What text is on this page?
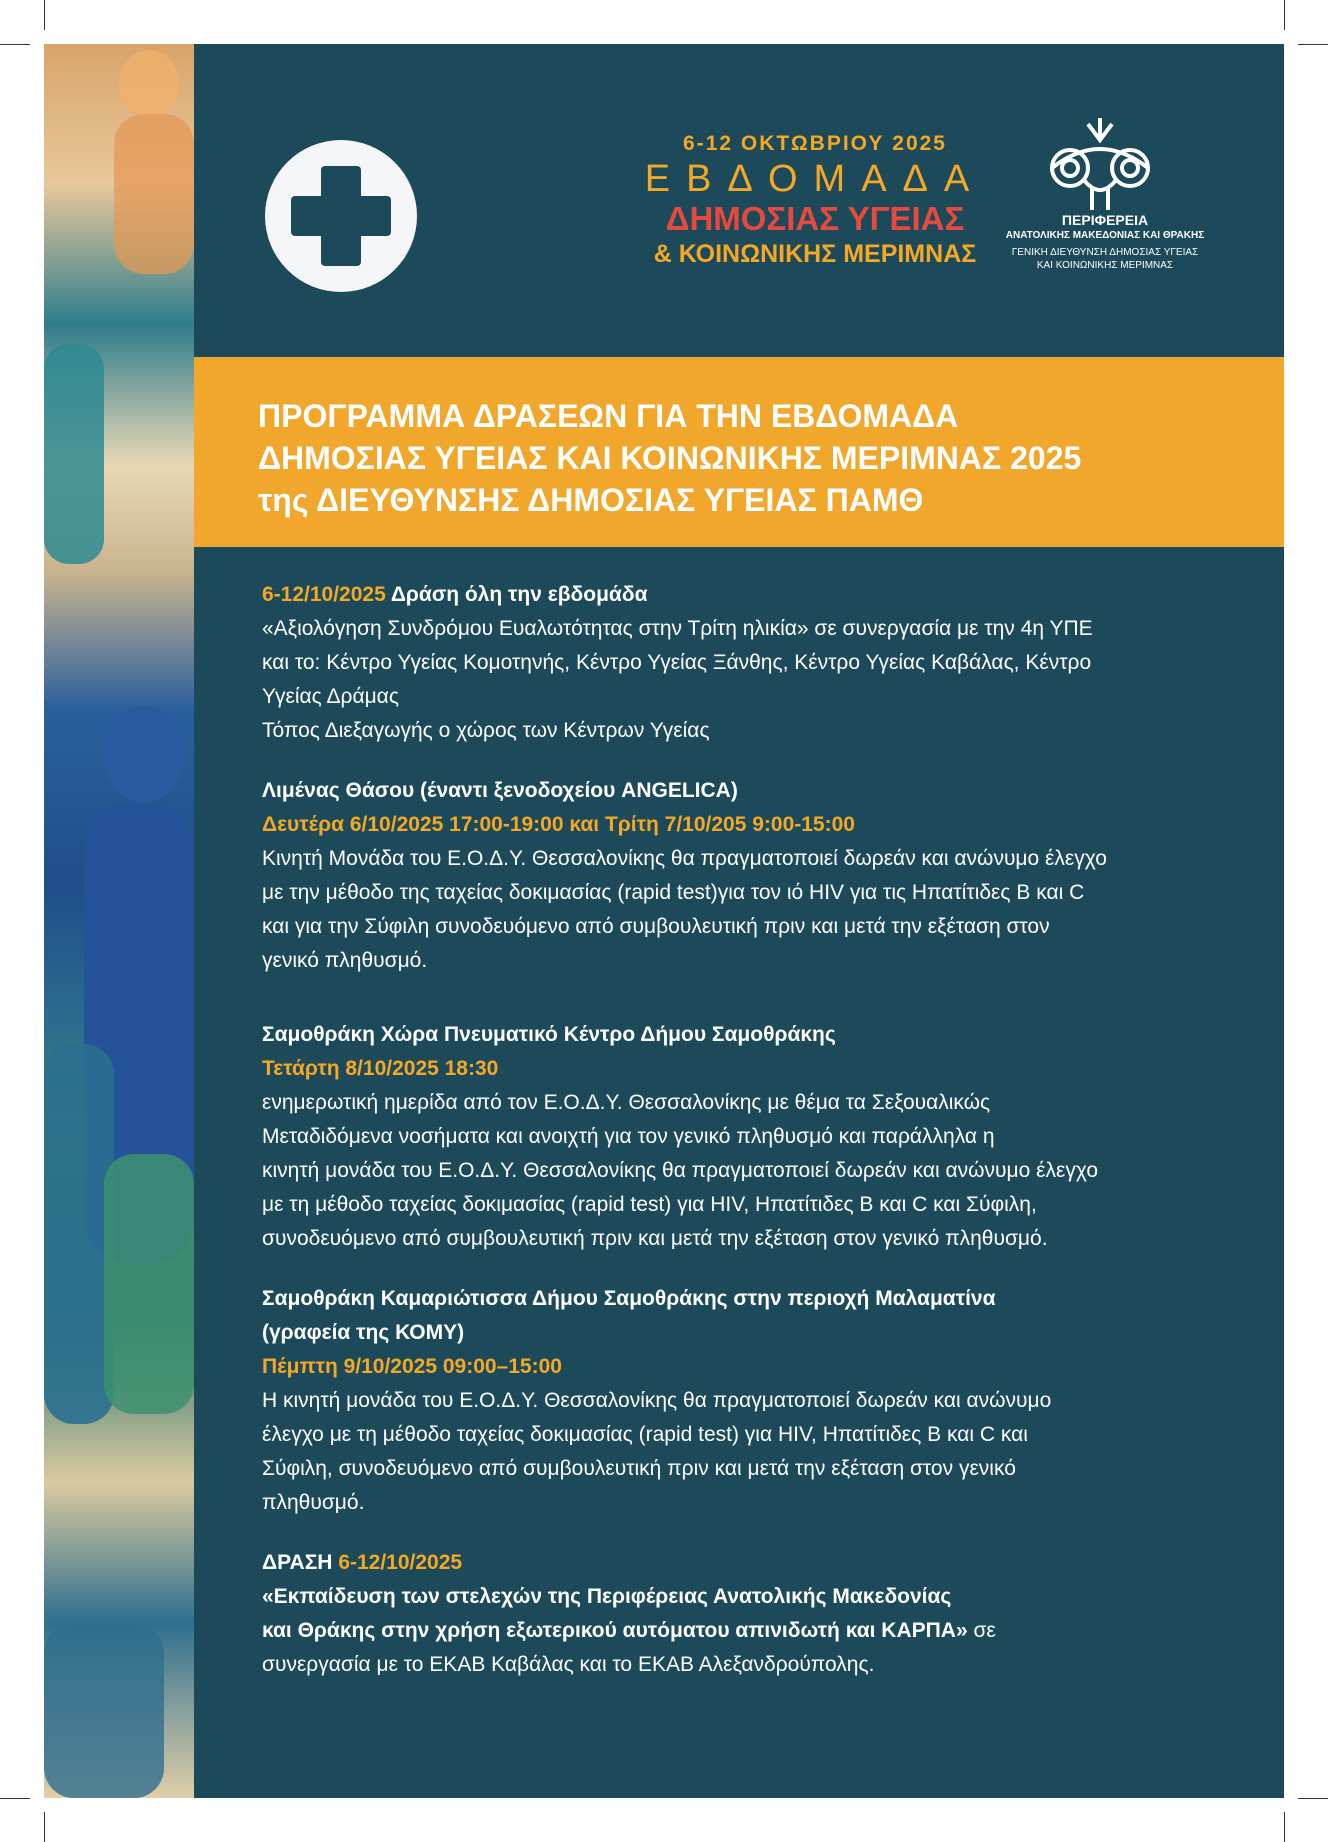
6-12 ΟΚΤΩΒΡΙΟΥ 2025
ΕΒΔΟΜΑΔΑ
ΔΗΜΟΣΙΑΣ ΥΓΕΙΑΣ
& ΚΟΙΝΩΝΙΚΗΣ ΜΕΡΙΜΝΑΣ
ΠΕΡΙΦΕΡΕΙΑ
ΑΝΑΤΟΛΙΚΗΣ ΜΑΚΕΔΟΝΙΑΣ ΚΑΙ ΘΡΑΚΗΣ
ΓΕΝΙΚΗ ΔΙΕΥΘΥΝΣΗ ΔΗΜΟΣΙΑΣ ΥΓΕΙΑΣ
ΚΑΙ ΚΟΙΝΩΝΙΚΗΣ ΜΕΡΙΜΝΑΣ
ΠΡΟΓΡΑΜΜΑ ΔΡΑΣΕΩΝ ΓΙΑ ΤΗΝ ΕΒΔΟΜΑΔΑ
ΔΗΜΟΣΙΑΣ ΥΓΕΙΑΣ ΚΑΙ ΚΟΙΝΩΝΙΚΗΣ ΜΕΡΙΜΝΑΣ 2025
της ΔΙΕΥΘΥΝΣΗΣ ΔΗΜΟΣΙΑΣ ΥΓΕΙΑΣ ΠΑΜΘ
6-12/10/2025 Δράση όλη την εβδομάδα
«Αξιολόγηση Συνδρόμου Ευαλωτότητας στην Τρίτη ηλικία» σε συνεργασία με την 4η ΥΠΕ
και το: Κέντρο Υγείας Κομοτηνής, Κέντρο Υγείας Ξάνθης, Κέντρο Υγείας Καβάλας, Κέντρο
Υγείας Δράμας
Τόπος Διεξαγωγής ο χώρος των Κέντρων Υγείας
Λιμένας Θάσου (έναντι ξενοδοχείου ANGELICA)
Δευτέρα 6/10/2025 17:00-19:00 και Τρίτη 7/10/205 9:00-15:00
Κινητή Μονάδα του Ε.Ο.Δ.Υ. Θεσσαλονίκης θα πραγματοποιεί δωρεάν και ανώνυμο έλεγχο
με την μέθοδο της ταχείας δοκιμασίας (rapid test)για τον ιό HIV για τις Ηπατίτιδες Β και C
και για την Σύφιλη συνοδευόμενο από συμβουλευτική πριν και μετά την εξέταση στον
γενικό πληθυσμό.
Σαμοθράκη Χώρα Πνευματικό Κέντρο Δήμου Σαμοθράκης
Τετάρτη 8/10/2025 18:30
ενημερωτική ημερίδα από τον Ε.Ο.Δ.Υ. Θεσσαλονίκης με θέμα τα Σεξουαλικώς
Μεταδιδόμενα νοσήματα και ανοιχτή για τον γενικό πληθυσμό και παράλληλα η
κινητή μονάδα του Ε.Ο.Δ.Υ. Θεσσαλονίκης θα πραγματοποιεί δωρεάν και ανώνυμο έλεγχο
με τη μέθοδο ταχείας δοκιμασίας (rapid test) για HIV, Ηπατίτιδες Β και C και Σύφιλη,
συνοδευόμενο από συμβουλευτική πριν και μετά την εξέταση στον γενικό πληθυσμό.
Σαμοθράκη Καμαριώτισσα Δήμου Σαμοθράκης στην περιοχή Μαλαματίνα
(γραφεία της ΚΟΜΥ)
Πέμπτη 9/10/2025 09:00–15:00
Η κινητή μονάδα του Ε.Ο.Δ.Υ. Θεσσαλονίκης θα πραγματοποιεί δωρεάν και ανώνυμο
έλεγχο με τη μέθοδο ταχείας δοκιμασίας (rapid test) για HIV, Ηπατίτιδες Β και C και
Σύφιλη, συνοδευόμενο από συμβουλευτική πριν και μετά την εξέταση στον γενικό
πληθυσμό.
ΔΡΑΣΗ 6-12/10/2025
«Εκπαίδευση των στελεχών της Περιφέρειας Ανατολικής Μακεδονίας
και Θράκης στην χρήση εξωτερικού αυτόματου απινιδωτή και ΚΑΡΠΑ» σε
συνεργασία με το ΕΚΑΒ Καβάλας και το ΕΚΑΒ Αλεξανδρούπολης.
